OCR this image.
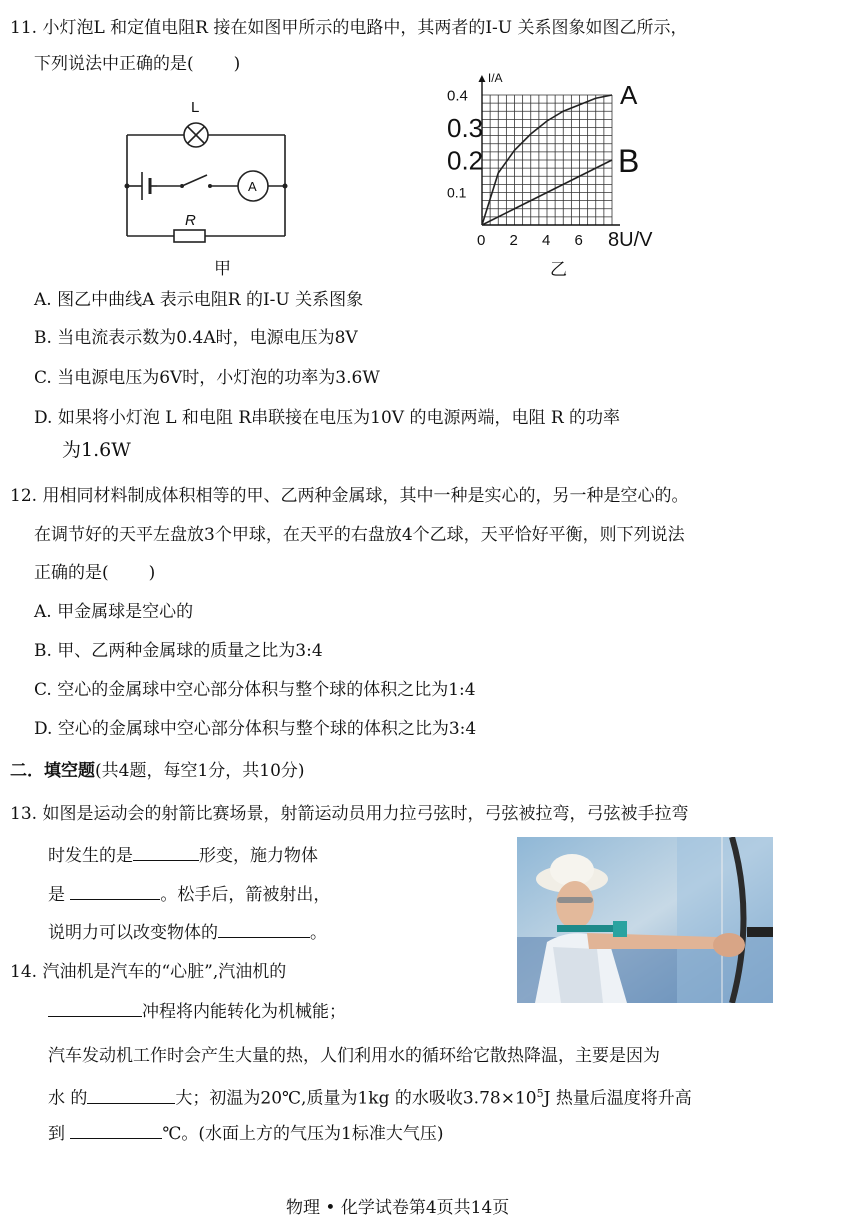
11. 小灯泡L 和定值电阻R 接在如图甲所示的电路中，其两者的I-U 关系图象如图乙所示，
下列说法中正确的是( )
L
A
R
甲
▲I/A
0.4
0.3
0.2
0.1
0 2 4 6 8U/V
A
B
乙
A. 图乙中曲线A 表示电阻R 的I-U 关系图象
B. 当电流表示数为0.4A时，电源电压为8V
C. 当电源电压为6V时，小灯泡的功率为3.6W
D. 如果将小灯泡 L 和电阻 R串联接在电压为10V 的电源两端，电阻 R 的功率
为1.6W
12. 用相同材料制成体积相等的甲、乙两种金属球，其中一种是实心的，另一种是空心的。
在调节好的天平左盘放3个甲球，在天平的右盘放4个乙球，天平恰好平衡，则下列说法
正确的是( )
A. 甲金属球是空心的
B. 甲、乙两种金属球的质量之比为3:4
C. 空心的金属球中空心部分体积与整个球的体积之比为1:4
D. 空心的金属球中空心部分体积与整个球的体积之比为3:4
二．填空题(共4题，每空1分，共10分)
13. 如图是运动会的射箭比赛场景，射箭运动员用力拉弓弦时，弓弦被拉弯，弓弦被手拉弯
时发生的是	形变，施力物体
是	。松手后，箭被射出，
说明力可以改变物体的	。
14. 汽油机是汽车的“心脏”,汽油机的
冲程将内能转化为机械能；
汽车发动机工作时会产生大量的热，人们利用水的循环给它散热降温，主要是因为
水 的	大；初温为20℃,质量为1kg 的水吸收$3.78\times 10^5J$ 热量后温度将升高
到	℃。(水面上方的气压为1标准大气压)
物理 • 化学试卷第4页共14页
